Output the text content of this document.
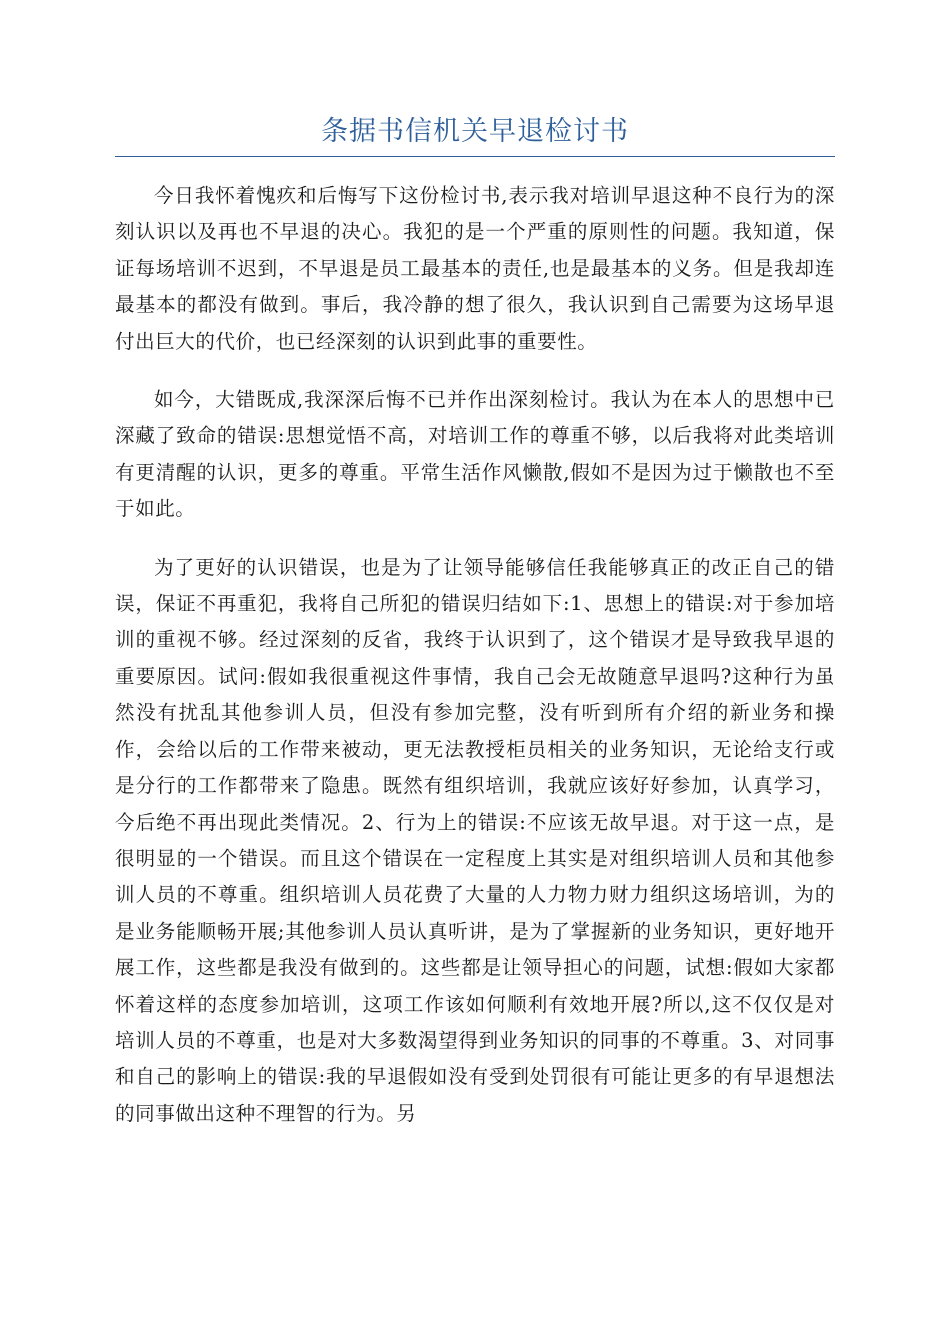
条据书信机关早退检讨书

今日我怀着愧疚和后悔写下这份检讨书,表示我对培训早退这种不良行为的深刻认识以及再也不早退的决心。我犯的是一个严重的原则性的问题。我知道，保证每场培训不迟到，不早退是员工最基本的责任,也是最基本的义务。但是我却连最基本的都没有做到。事后，我冷静的想了很久，我认识到自己需要为这场早退付出巨大的代价，也已经深刻的认识到此事的重要性。

如今，大错既成,我深深后悔不已并作出深刻检讨。我认为在本人的思想中已深藏了致命的错误:思想觉悟不高，对培训工作的尊重不够，以后我将对此类培训有更清醒的认识，更多的尊重。平常生活作风懒散,假如不是因为过于懒散也不至于如此。

为了更好的认识错误，也是为了让领导能够信任我能够真正的改正自己的错误，保证不再重犯，我将自己所犯的错误归结如下:1、思想上的错误:对于参加培训的重视不够。经过深刻的反省，我终于认识到了，这个错误才是导致我早退的重要原因。试问:假如我很重视这件事情，我自己会无故随意早退吗?这种行为虽然没有扰乱其他参训人员，但没有参加完整，没有听到所有介绍的新业务和操作，会给以后的工作带来被动，更无法教授柜员相关的业务知识，无论给支行或是分行的工作都带来了隐患。既然有组织培训，我就应该好好参加，认真学习，今后绝不再出现此类情况。2、行为上的错误:不应该无故早退。对于这一点，是很明显的一个错误。而且这个错误在一定程度上其实是对组织培训人员和其他参训人员的不尊重。组织培训人员花费了大量的人力物力财力组织这场培训，为的是业务能顺畅开展;其他参训人员认真听讲，是为了掌握新的业务知识，更好地开展工作，这些都是我没有做到的。这些都是让领导担心的问题，试想:假如大家都怀着这样的态度参加培训，这项工作该如何顺利有效地开展?所以,这不仅仅是对培训人员的不尊重，也是对大多数渴望得到业务知识的同事的不尊重。3、对同事和自己的影响上的错误:我的早退假如没有受到处罚很有可能让更多的有早退想法的同事做出这种不理智的行为。另
